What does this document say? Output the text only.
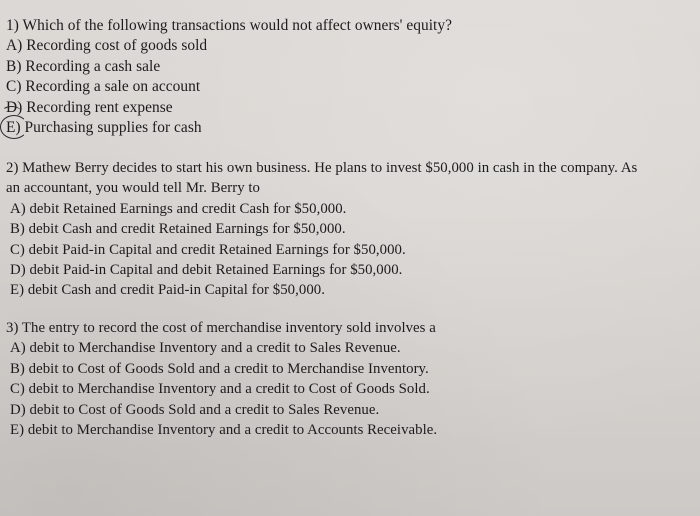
1) Which of the following transactions would not affect owners' equity?
A) Recording cost of goods sold
B) Recording a cash sale
C) Recording a sale on account
D) Recording rent expense
E) Purchasing supplies for cash
2) Mathew Berry decides to start his own business. He plans to invest $50,000 in cash in the company. As
an accountant, you would tell Mr. Berry to
A) debit Retained Earnings and credit Cash for $50,000.
B) debit Cash and credit Retained Earnings for $50,000.
C) debit Paid-in Capital and credit Retained Earnings for $50,000.
D) debit Paid-in Capital and debit Retained Earnings for $50,000.
E) debit Cash and credit Paid-in Capital for $50,000.
3) The entry to record the cost of merchandise inventory sold involves a
A) debit to Merchandise Inventory and a credit to Sales Revenue.
B) debit to Cost of Goods Sold and a credit to Merchandise Inventory.
C) debit to Merchandise Inventory and a credit to Cost of Goods Sold.
D) debit to Cost of Goods Sold and a credit to Sales Revenue.
E) debit to Merchandise Inventory and a credit to Accounts Receivable.
